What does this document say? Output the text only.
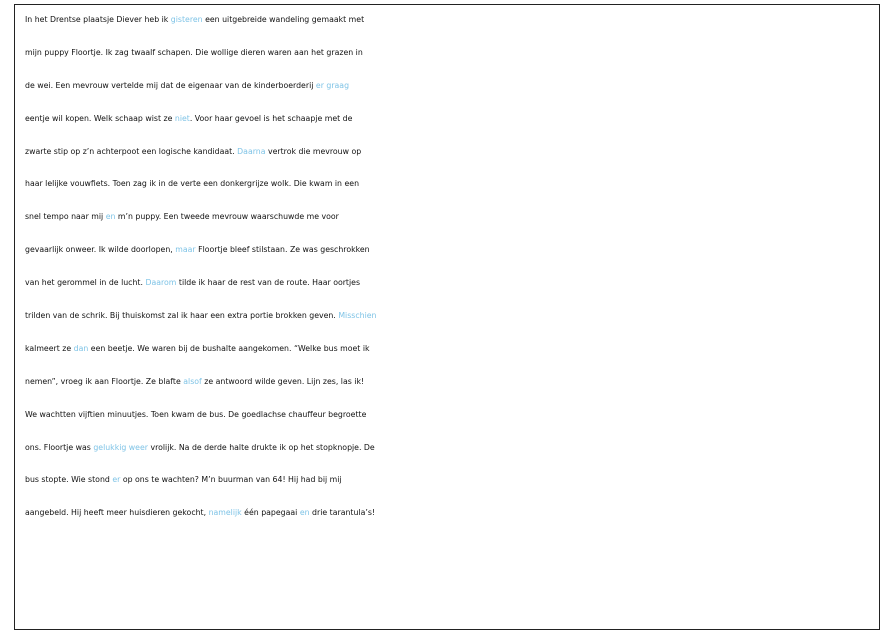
In het Drentse plaatsje Diever heb ik gisteren een uitgebreide wandeling gemaakt met
mijn puppy Floortje. Ik zag twaalf schapen. Die wollige dieren waren aan het grazen in
de wei. Een mevrouw vertelde mij dat de eigenaar van de kinderboerderij er graag
eentje wil kopen. Welk schaap wist ze niet. Voor haar gevoel is het schaapje met de
zwarte stip op z’n achterpoot een logische kandidaat. Daarna vertrok die mevrouw op
haar lelijke vouwfiets. Toen zag ik in de verte een donkergrijze wolk. Die kwam in een
snel tempo naar mij en m’n puppy. Een tweede mevrouw waarschuwde me voor
gevaarlijk onweer. Ik wilde doorlopen, maar Floortje bleef stilstaan. Ze was geschrokken
van het gerommel in de lucht. Daarom tilde ik haar de rest van de route. Haar oortjes
trilden van de schrik. Bij thuiskomst zal ik haar een extra portie brokken geven. Misschien
kalmeert ze dan een beetje. We waren bij de bushalte aangekomen. “Welke bus moet ik
nemen”, vroeg ik aan Floortje. Ze blafte alsof ze antwoord wilde geven. Lijn zes, las ik!
We wachtten vijftien minuutjes. Toen kwam de bus. De goedlachse chauffeur begroette
ons. Floortje was gelukkig weer vrolijk. Na de derde halte drukte ik op het stopknopje. De
bus stopte. Wie stond er op ons te wachten? M’n buurman van 64! Hij had bij mij
aangebeld. Hij heeft meer huisdieren gekocht, namelijk één papegaai en drie tarantula’s!
